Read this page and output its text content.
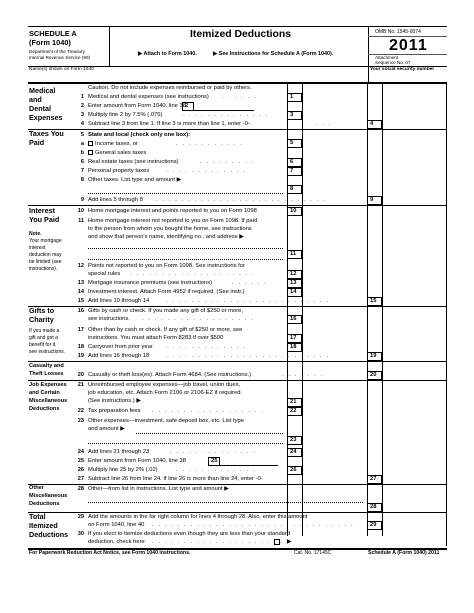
SCHEDULE A
(Form 1040)
Department of the Treasury
Internal Revenue Service (99)
Itemized Deductions
▶ Attach to Form 1040.	▶ See Instructions for Schedule A (Form 1040).
OMB No. 1545-0074
2011
Attachment
Sequence No. 07
Name(s) shown on Form 1040	Your social security number
Medical
and
Dental
Expenses
Caution. Do not include expenses reimbursed or paid by others.
1 Medical and dental expenses (see instructions) . . . . . .	1
2 Enter amount from Form 1040, line 38 2
3 Multiply line 2 by 7.5% (.075)	. . . . . . . . . . . . . .	3
4 Subtract line 3 from line 1. If line 3 is more than line 1, enter -0-	. . .	4
Taxes You
Paid
5 State and local (check only one box):
a	Income taxes, or	. . . . . . . . . . .	5
b	General sales taxes
6 Real estate taxes (see instructions)	. . . . . . . . .	6
7 Personal property taxes	. . . . . . . . . . . . .	7
8 Other taxes. List type and amount ▶
8
9 Add lines 5 through 8 . . . . . . . . . . . . . . . . . . . . . . . . . . .	9
Interest
You Paid
Note.
Your mortgage
interest
deduction may
be limited (see
instructions).
10 Home mortgage interest and points reported to you on Form 1098	10
11 Home mortgage interest not reported to you on Form 1098. If paid
to the person from whom you bought the home, see instructions
and show that person's name, identifying no., and address ▶
11
12 Points not reported to you on Form 1098. See instructions for
special rules . . . . . . . . . . . . . . . . . . . .	12
13 Mortgage insurance premiums (see instructions)	. . . . . .	13
14 Investment interest. Attach Form 4952 if required. (See instr.)	14
15 Add lines 10 through 14	. . . . . . . . . . . . . . . . . . . . . . . . . .	15
Gifts to
Charity
If you made a
gift and got a
benefit for it,
see instructions.
16 Gifts by cash or check. If you made any gift of $250 or more,
see instructions. . . . . . . . . . . . . . . . . . .	16
17 Other than by cash or check. If any gift of $250 or more, see
instructions. You must attach Form 8283 if over $500	17
18 Carryover from prior year . . . . . . . . . . . . .	18
19 Add lines 16 through 18	. . . . . . . . . . . . . . . . . . . . . . . . . .	19
Casualty and
Theft Losses	20 Casualty or theft loss(es). Attach Form 4684. (See instructions.)	. . . . . . .	20
Job Expenses
and Certain
Miscellaneous
Deductions
21 Unreimbursed employee expenses—job travel, union dues,
job education, etc. Attach Form 2106 or 2106-EZ if required.
(See instructions.) ▶	21
22 Tax preparation fees . . . . . . . . . . . . . . . . . .	22
23 Other expenses—investment, safe deposit box, etc. List type
and amount ▶
23
24 Add lines 21 through 23	. . . . . . . . . . . . . .	24
25 Enter amount from Form 1040, line 38	25
26 Multiply line 25 by 2% (.02)	. . . . . . . . . . . . .	26
27 Subtract line 26 from line 24. If line 26 is more than line 24, enter -0-	27
Other
Miscellaneous
Deductions
28 Other—from list in instructions. List type and amount ▶
28
Total
Itemized
Deductions
29 Add the amounts in the far right column for lines 4 through 28. Also, enter this amount
on Form 1040, line 40 . . . . . . . . . . . . . . . . . . . . . . . . . . . . . . . .	29
30 If you elect to itemize deductions even though they are less than your standard
deduction, check here . . . . . . . . . . . . . . . . . . . . . ▶
For Paperwork Reduction Act Notice, see Form 1040 instructions.	Cat. No. 17145C	Schedule A (Form 1040) 2011
